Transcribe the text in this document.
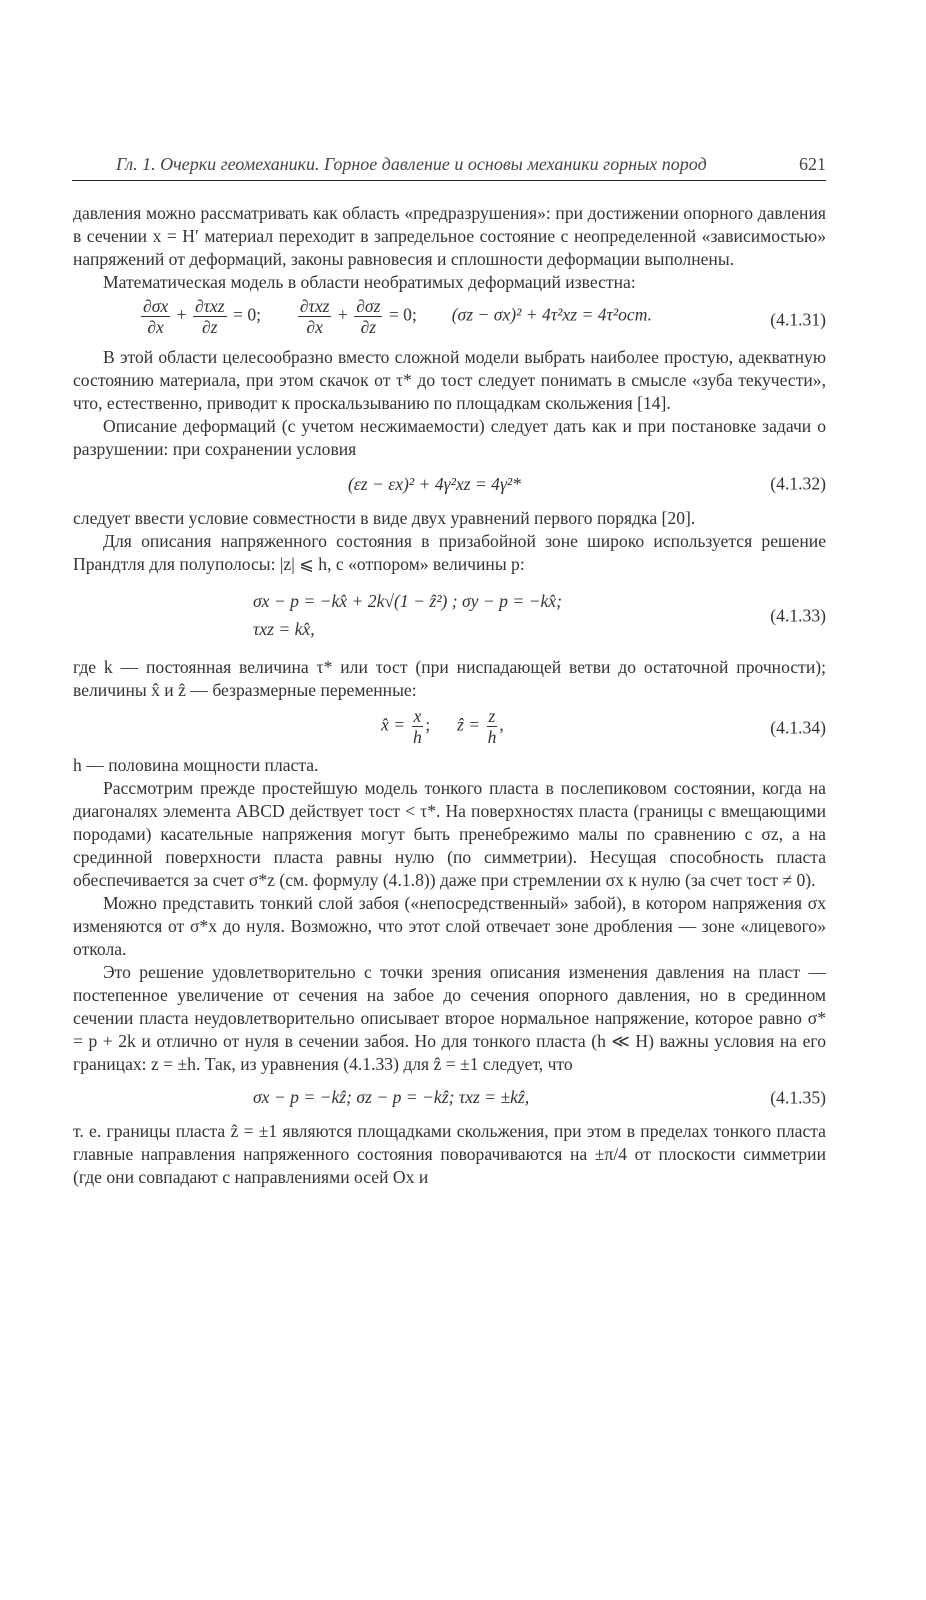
Гл. 1. Очерки геомеханики. Горное давление и основы механики горных пород	621

давления можно рассматривать как область «предразрушения»: при достижении опорного давления в сечении x = H′ материал переходит в запредельное состояние с неопределенной «зависимостью» напряжений от деформаций, законы равновесия и сплошности деформации выполнены.

Математическая модель в области необратимых деформаций известна:

$\frac{\partial\sigma x}{\partial x} + \frac{\text{∂τxz}}{\partial z} = 0$; $\frac{\text{∂τxz}}{\partial x} + \frac{\partial\sigma z}{\partial z} = 0$; (σz − σx)² + 4τ²xz = 4τ²ост.	(4.1.31)

В этой области целесообразно вместо сложной модели выбрать наиболее простую, адекватную состоянию материала, при этом скачок от τ* до τост следует понимать в смысле «зуба текучести», что, естественно, приводит к проскальзыванию по площадкам скольжения [14].

Описание деформаций (с учетом несжимаемости) следует дать как и при постановке задачи о разрушении: при сохранении условия

(εz − εx)² + 4γ²xz = 4γ²*	(4.1.32)

следует ввести условие совместности в виде двух уравнений первого порядка [20].

Для описания напряженного состояния в призабойной зоне широко используется решение Прандтля для полуполосы: |z| ⩽ h, с «отпором» величины p:

σx − p = −kx̂ + 2k√(1 − ẑ²) ; σy − p = −kx̂;
τxz = kx̂,
(4.1.33)

где k — постоянная величина τ* или τост (при ниспадающей ветви до остаточной прочности); величины x̂ и ẑ — безразмерные переменные:

x̂ = $\frac{x}{h}$ ; ẑ = $\frac{z}{h}$ ,	(4.1.34)

h — половина мощности пласта.

Рассмотрим прежде простейшую модель тонкого пласта в послепиковом состоянии, когда на диагоналях элемента ABCD действует τост < τ*. На поверхностях пласта (границы с вмещающими породами) касательные напряжения могут быть пренебрежимо малы по сравнению с σz, а на срединной поверхности пласта равны нулю (по симметрии). Несущая способность пласта обеспечивается за счет σ*z (см. формулу (4.1.8)) даже при стремлении σx к нулю (за счет τост ≠ 0).

Можно представить тонкий слой забоя («непосредственный» забой), в котором напряжения σx изменяются от σ*x до нуля. Возможно, что этот слой отвечает зоне дробления — зоне «лицевого» откола.

Это решение удовлетворительно с точки зрения описания изменения давления на пласт — постепенное увеличение от сечения на забое до сечения опорного давления, но в срединном сечении пласта неудовлетворительно описывает второе нормальное напряжение, которое равно σ* = p + 2k и отлично от нуля в сечении забоя. Но для тонкого пласта (h ≪ H) важны условия на его границах: z = ±h. Так, из уравнения (4.1.33) для ẑ = ±1 следует, что

σx − p = −kẑ; σz − p = −kẑ; τxz = ±kẑ,	(4.1.35)

т. е. границы пласта ẑ = ±1 являются площадками скольжения, при этом в пределах тонкого пласта главные направления напряженного состояния поворачиваются на ±π/4 от плоскости симметрии (где они совпадают с направлениями осей Ox и
